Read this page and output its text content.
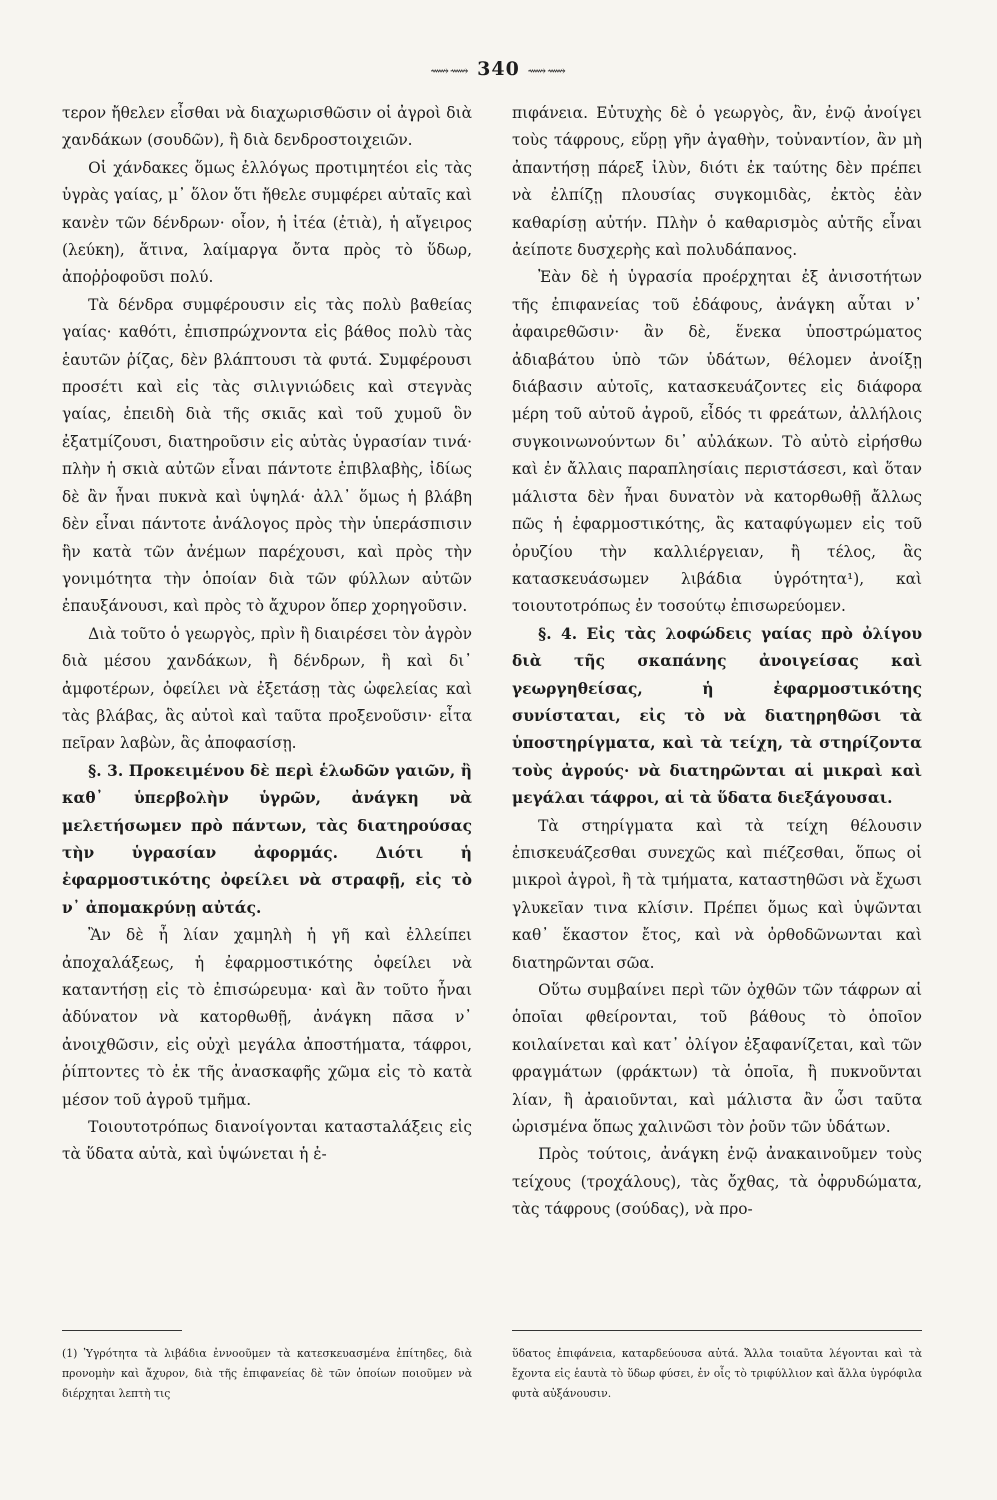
⟿⟿ 340 ⟿⟿

τερον ἤθελεν εἶσθαι νὰ διαχωρισθῶσιν οἱ ἀγροὶ διὰ χανδάκων (σουδῶν), ἢ διὰ δενδροστοιχειῶν.

Οἱ χάνδακες ὅμως ἐλλόγως προτιμητέοι εἰς τὰς ὑγρὰς γαίας, μ᾿ ὅλον ὅτι ἤθελε συμφέρει αὐταῖς καὶ κανὲν τῶν δένδρων· οἷον, ἡ ἰτέα (ἐτιὰ), ἡ αἴγειρος (λεύκη), ἅτινα, λαίμαργα ὄντα πρὸς τὸ ὕδωρ, ἀποῤῥοφοῦσι πολύ.

Τὰ δένδρα συμφέρουσιν εἰς τὰς πολὺ βαθείας γαίας· καθότι, ἐπισπρώχνοντα εἰς βάθος πολὺ τὰς ἑαυτῶν ῥίζας, δὲν βλάπτουσι τὰ φυτά. Συμφέρουσι προσέτι καὶ εἰς τὰς σιλιγνιώδεις καὶ στεγνὰς γαίας, ἐπειδὴ διὰ τῆς σκιᾶς καὶ τοῦ χυμοῦ ὃν ἐξατμίζουσι, διατηροῦσιν εἰς αὐτὰς ὑγρασίαν τινά· πλὴν ἡ σκιὰ αὐτῶν εἶναι πάντοτε ἐπιβλαβὴς, ἰδίως δὲ ἂν ἦναι πυκνὰ καὶ ὑψηλά· ἀλλ᾿ ὅμως ἡ βλάβη δὲν εἶναι πάντοτε ἀνάλογος πρὸς τὴν ὑπεράσπισιν ἣν κατὰ τῶν ἀνέμων παρέχουσι, καὶ πρὸς τὴν γονιμότητα τὴν ὁποίαν διὰ τῶν φύλλων αὐτῶν ἐπαυξάνουσι, καὶ πρὸς τὸ ἄχυρον ὅπερ χορηγοῦσιν.

Διὰ τοῦτο ὁ γεωργὸς, πρὶν ἢ διαιρέσει τὸν ἀγρὸν διὰ μέσου χανδάκων, ἢ δένδρων, ἢ καὶ δι᾿ ἀμφοτέρων, ὀφείλει νὰ ἐξετάσῃ τὰς ὠφελείας καὶ τὰς βλάβας, ἃς αὐτοὶ καὶ ταῦτα προξενοῦσιν· εἶτα πεῖραν λαβὼν, ἃς ἀποφασίσῃ.

§. 3. Προκειμένου δὲ περὶ ἑλωδῶν γαιῶν, ἢ καθ᾿ ὑπερβολὴν ὑγρῶν, ἀνάγκη νὰ μελετήσωμεν πρὸ πάντων, τὰς διατηρούσας τὴν ὑγρασίαν ἀφορμάς. Διότι ἡ ἐφαρμοστικότης ὀφείλει νὰ στραφῇ, εἰς τὸ ν᾿ ἀπομακρύνῃ αὐτάς.

Ἂν δὲ ἦ λίαν χαμηλὴ ἡ γῆ καὶ ἐλλείπει ἀποχαλάξεως, ἡ ἐφαρμοστικότης ὀφείλει νὰ καταντήσῃ εἰς τὸ ἐπισώρευμα· καὶ ἂν τοῦτο ἦναι ἀδύνατον νὰ κατορθωθῇ, ἀνάγκη πᾶσα ν᾿ ἀνοιχθῶσιν, εἰς οὐχὶ μεγάλα ἀποστήματα, τάφροι, ῥίπτοντες τὸ ἐκ τῆς ἀνασκαφῆς χῶμα εἰς τὸ κατὰ μέσον τοῦ ἀγροῦ τμῆμα.

Τοιουτοτρόπως διανοίγονται καταστaλάξεις εἰς τὰ ὕδατα αὐτὰ, καὶ ὑψώνεται ἡ ἐ-

πιφάνεια. Εὐτυχὴς δὲ ὁ γεωργὸς, ἂν, ἐνῷ ἀνοίγει τοὺς τάφρους, εὕρῃ γῆν ἀγαθὴν, τοὐναντίον, ἂν μὴ ἀπαντήσῃ πάρεξ ἰλὺν, διότι ἐκ ταύτης δὲν πρέπει νὰ ἐλπίζῃ πλουσίας συγκομιδὰς, ἐκτὸς ἐὰν καθαρίσῃ αὐτήν. Πλὴν ὁ καθαρισμὸς αὐτῆς εἶναι ἀείποτε δυσχερὴς καὶ πολυδάπανος.

Ἐὰν δὲ ἡ ὑγρασία προέρχηται ἐξ ἀνισοτήτων τῆς ἐπιφανείας τοῦ ἐδάφους, ἀνάγκη αὗται ν᾿ ἀφαιρεθῶσιν· ἂν δὲ, ἕνεκα ὑποστρώματος ἀδιαβάτου ὑπὸ τῶν ὑδάτων, θέλομεν ἀνοίξῃ διάβασιν αὐτοῖς, κατασκευάζοντες εἰς διάφορα μέρη τοῦ αὐτοῦ ἀγροῦ, εἶδός τι φρεάτων, ἀλλήλοις συγκοινωνούντων δι᾿ αὐλάκων. Τὸ αὐτὸ εἰρήσθω καὶ ἐν ἄλλαις παραπλησίαις περιστάσεσι, καὶ ὅταν μάλιστα δὲν ἦναι δυνατὸν νὰ κατορθωθῇ ἄλλως πῶς ἡ ἐφαρμοστικότης, ἃς καταφύγωμεν εἰς τοῦ ὀρυζίου τὴν καλλιέργειαν, ἢ τέλος, ἃς κατασκευάσωμεν λιβάδια ὑγρότητα¹), καὶ τοιουτοτρόπως ἐν τοσούτῳ ἐπισωρεύομεν.

§. 4. Εἰς τὰς λοφώδεις γαίας πρὸ ὀλίγου διὰ τῆς σκαπάνης ἀνοιγείσας καὶ γεωργηθείσας, ἡ ἐφαρμοστικότης συνίσταται, εἰς τὸ νὰ διατηρηθῶσι τὰ ὑποστηρίγματα, καὶ τὰ τείχη, τὰ στηρίζοντα τοὺς ἀγρούς· νὰ διατηρῶνται αἱ μικραὶ καὶ μεγάλαι τάφροι, αἱ τὰ ὕδατα διεξάγουσαι.

Τὰ στηρίγματα καὶ τὰ τείχη θέλουσιν ἐπισκευάζεσθαι συνεχῶς καὶ πιέζεσθαι, ὅπως οἱ μικροὶ ἀγροὶ, ἢ τὰ τμήματα, καταστηθῶσι νὰ ἔχωσι γλυκεῖαν τινα κλίσιν. Πρέπει ὅμως καὶ ὑψῶνται καθ᾿ ἕκαστον ἔτος, καὶ νὰ ὀρθοδῶνωνται καὶ διατηρῶνται σῶα.

Οὕτω συμβαίνει περὶ τῶν ὀχθῶν τῶν τάφρων αἱ ὁποῖαι φθείρονται, τοῦ βάθους τὸ ὁποῖον κοιλαίνεται καὶ κατ᾿ ὀλίγον ἐξαφανίζεται, καὶ τῶν φραγμάτων (φράκτων) τὰ ὁποῖα, ἢ πυκνοῦνται λίαν, ἢ ἀραιοῦνται, καὶ μάλιστα ἂν ὦσι ταῦτα ὡρισμένα ὅπως χαλινῶσι τὸν ῥοῦν τῶν ὑδάτων.

Πρὸς τούτοις, ἀνάγκη ἐνῷ ἀνακαινοῦμεν τοὺς τείχους (τροχάλους), τὰς ὄχθας, τὰ ὀφρυδώματα, τὰς τάφρους (σούδας), νὰ προ-

(1) Ὑγρότητα τὰ λιβάδια ἐννοοῦμεν τὰ κατεσκευασμένα ἐπίτηδες, διὰ προνομὴν καὶ ἄχυρον, διὰ τῆς ἐπιφανείας δὲ τῶν ὁποίων ποιοῦμεν νὰ διέρχηται λεπτὴ τις

ὕδατος ἐπιφάνεια, καταρδεύουσα αὐτά. Ἄλλα τοιαῦτα λέγονται καὶ τὰ ἔχοντα εἰς ἑαυτὰ τὸ ὕδωρ φύσει, ἐν οἷς τὸ τριφύλλιον καὶ ἄλλα ὑγρόφιλα φυτὰ αὐξάνουσιν.
